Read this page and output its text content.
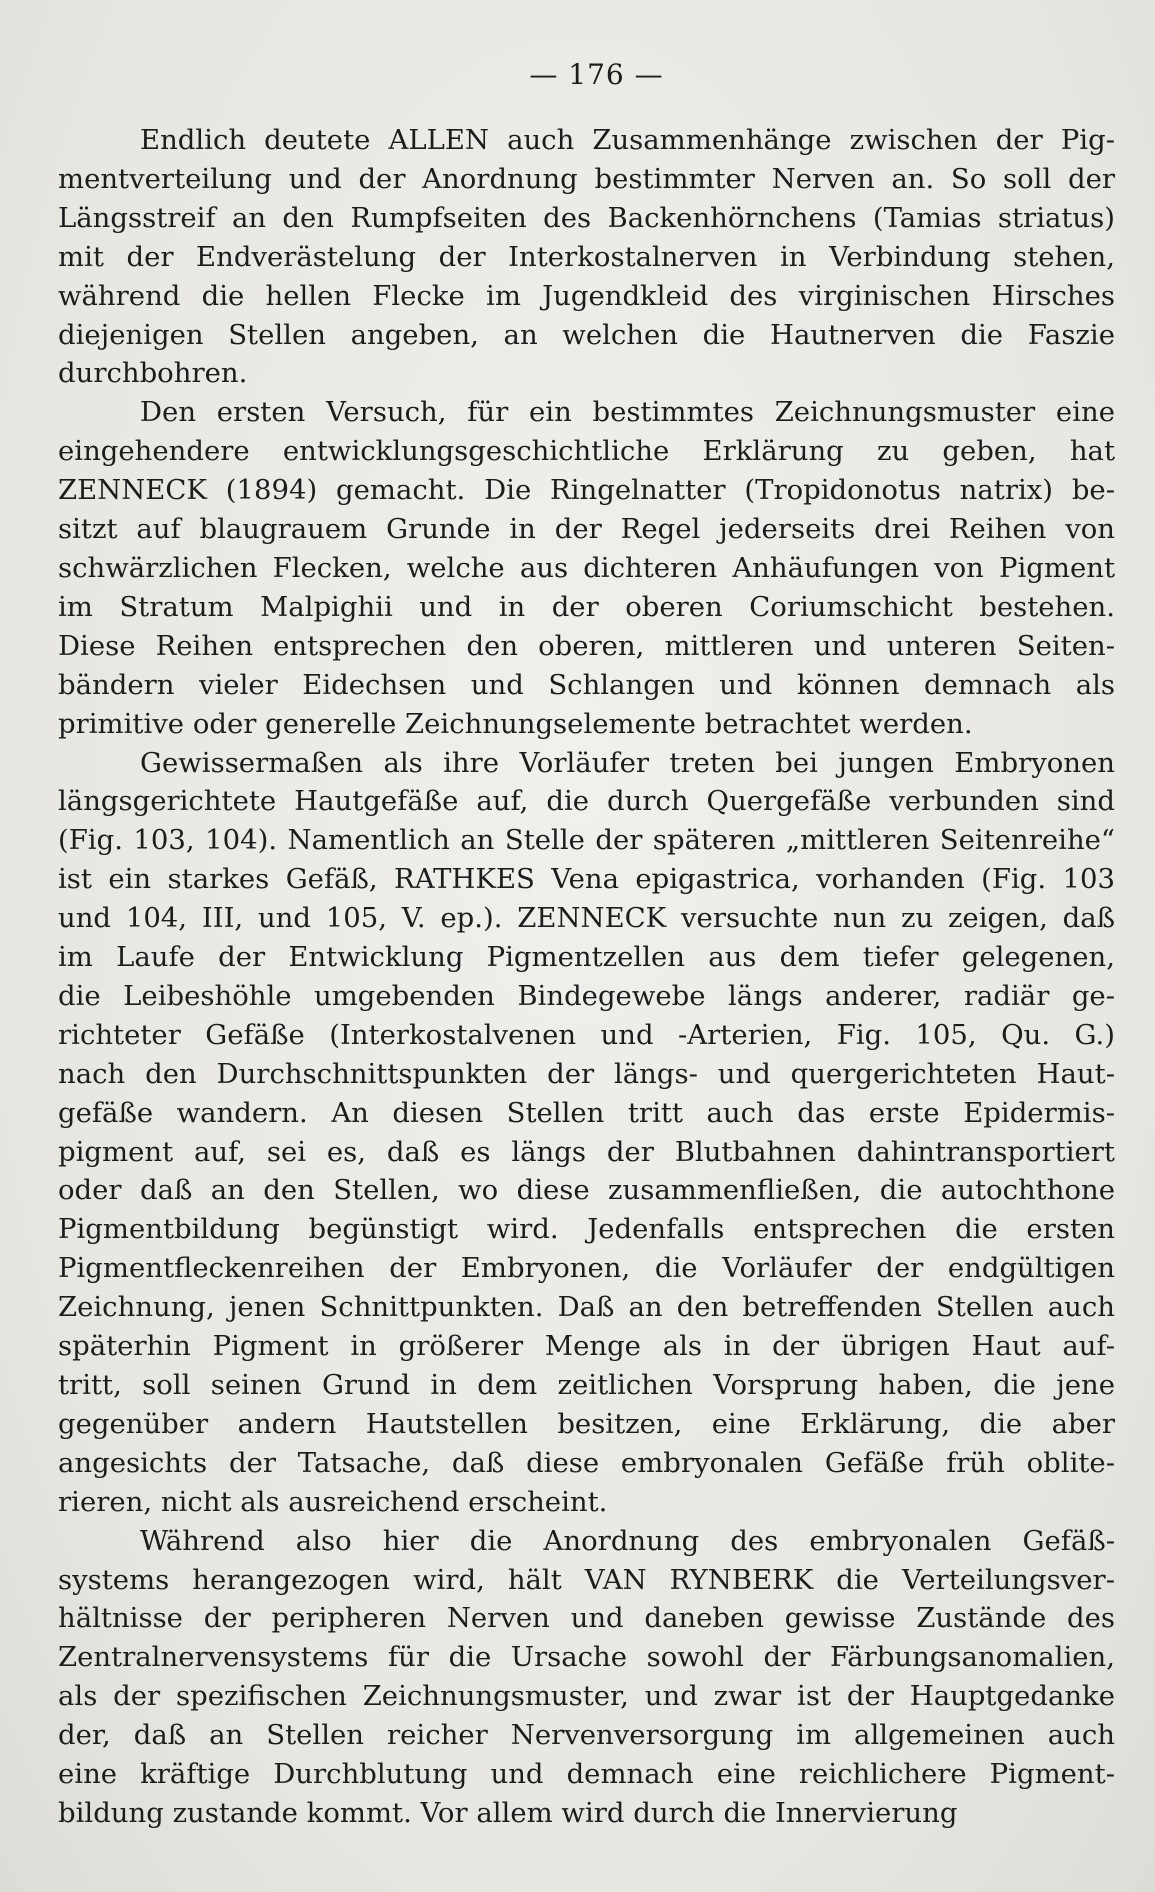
— 176 —

Endlich deutete ALLEN auch Zusammenhänge zwischen der Pig-
mentverteilung und der Anordnung bestimmter Nerven an. So soll der
Längsstreif an den Rumpfseiten des Backenhörnchens (Tamias striatus)
mit der Endverästelung der Interkostalnerven in Verbindung stehen,
während die hellen Flecke im Jugendkleid des virginischen Hirsches
diejenigen Stellen angeben, an welchen die Hautnerven die Faszie
durchbohren.

Den ersten Versuch, für ein bestimmtes Zeichnungsmuster eine
eingehendere entwicklungsgeschichtliche Erklärung zu geben, hat
ZENNECK (1894) gemacht. Die Ringelnatter (Tropidonotus natrix) be-
sitzt auf blaugrauem Grunde in der Regel jederseits drei Reihen von
schwärzlichen Flecken, welche aus dichteren Anhäufungen von Pigment
im Stratum Malpighii und in der oberen Coriumschicht bestehen.
Diese Reihen entsprechen den oberen, mittleren und unteren Seiten-
bändern vieler Eidechsen und Schlangen und können demnach als
primitive oder generelle Zeichnungselemente betrachtet werden.

Gewissermaßen als ihre Vorläufer treten bei jungen Embryonen
längsgerichtete Hautgefäße auf, die durch Quergefäße verbunden sind
(Fig. 103, 104). Namentlich an Stelle der späteren „mittleren Seitenreihe“
ist ein starkes Gefäß, RATHKES Vena epigastrica, vorhanden (Fig. 103
und 104, III, und 105, V. ep.). ZENNECK versuchte nun zu zeigen, daß
im Laufe der Entwicklung Pigmentzellen aus dem tiefer gelegenen,
die Leibeshöhle umgebenden Bindegewebe längs anderer, radiär ge-
richteter Gefäße (Interkostalvenen und -Arterien, Fig. 105, Qu. G.)
nach den Durchschnittspunkten der längs- und quergerichteten Haut-
gefäße wandern. An diesen Stellen tritt auch das erste Epidermis-
pigment auf, sei es, daß es längs der Blutbahnen dahintransportiert
oder daß an den Stellen, wo diese zusammenfließen, die autochthone
Pigmentbildung begünstigt wird. Jedenfalls entsprechen die ersten
Pigmentfleckenreihen der Embryonen, die Vorläufer der endgültigen
Zeichnung, jenen Schnittpunkten. Daß an den betreffenden Stellen auch
späterhin Pigment in größerer Menge als in der übrigen Haut auf-
tritt, soll seinen Grund in dem zeitlichen Vorsprung haben, die jene
gegenüber andern Hautstellen besitzen, eine Erklärung, die aber
angesichts der Tatsache, daß diese embryonalen Gefäße früh oblite-
rieren, nicht als ausreichend erscheint.

Während also hier die Anordnung des embryonalen Gefäß-
systems herangezogen wird, hält VAN RYNBERK die Verteilungsver-
hältnisse der peripheren Nerven und daneben gewisse Zustände des
Zentralnervensystems für die Ursache sowohl der Färbungsanomalien,
als der spezifischen Zeichnungsmuster, und zwar ist der Hauptgedanke
der, daß an Stellen reicher Nervenversorgung im allgemeinen auch
eine kräftige Durchblutung und demnach eine reichlichere Pigment-
bildung zustande kommt. Vor allem wird durch die Innervierung
